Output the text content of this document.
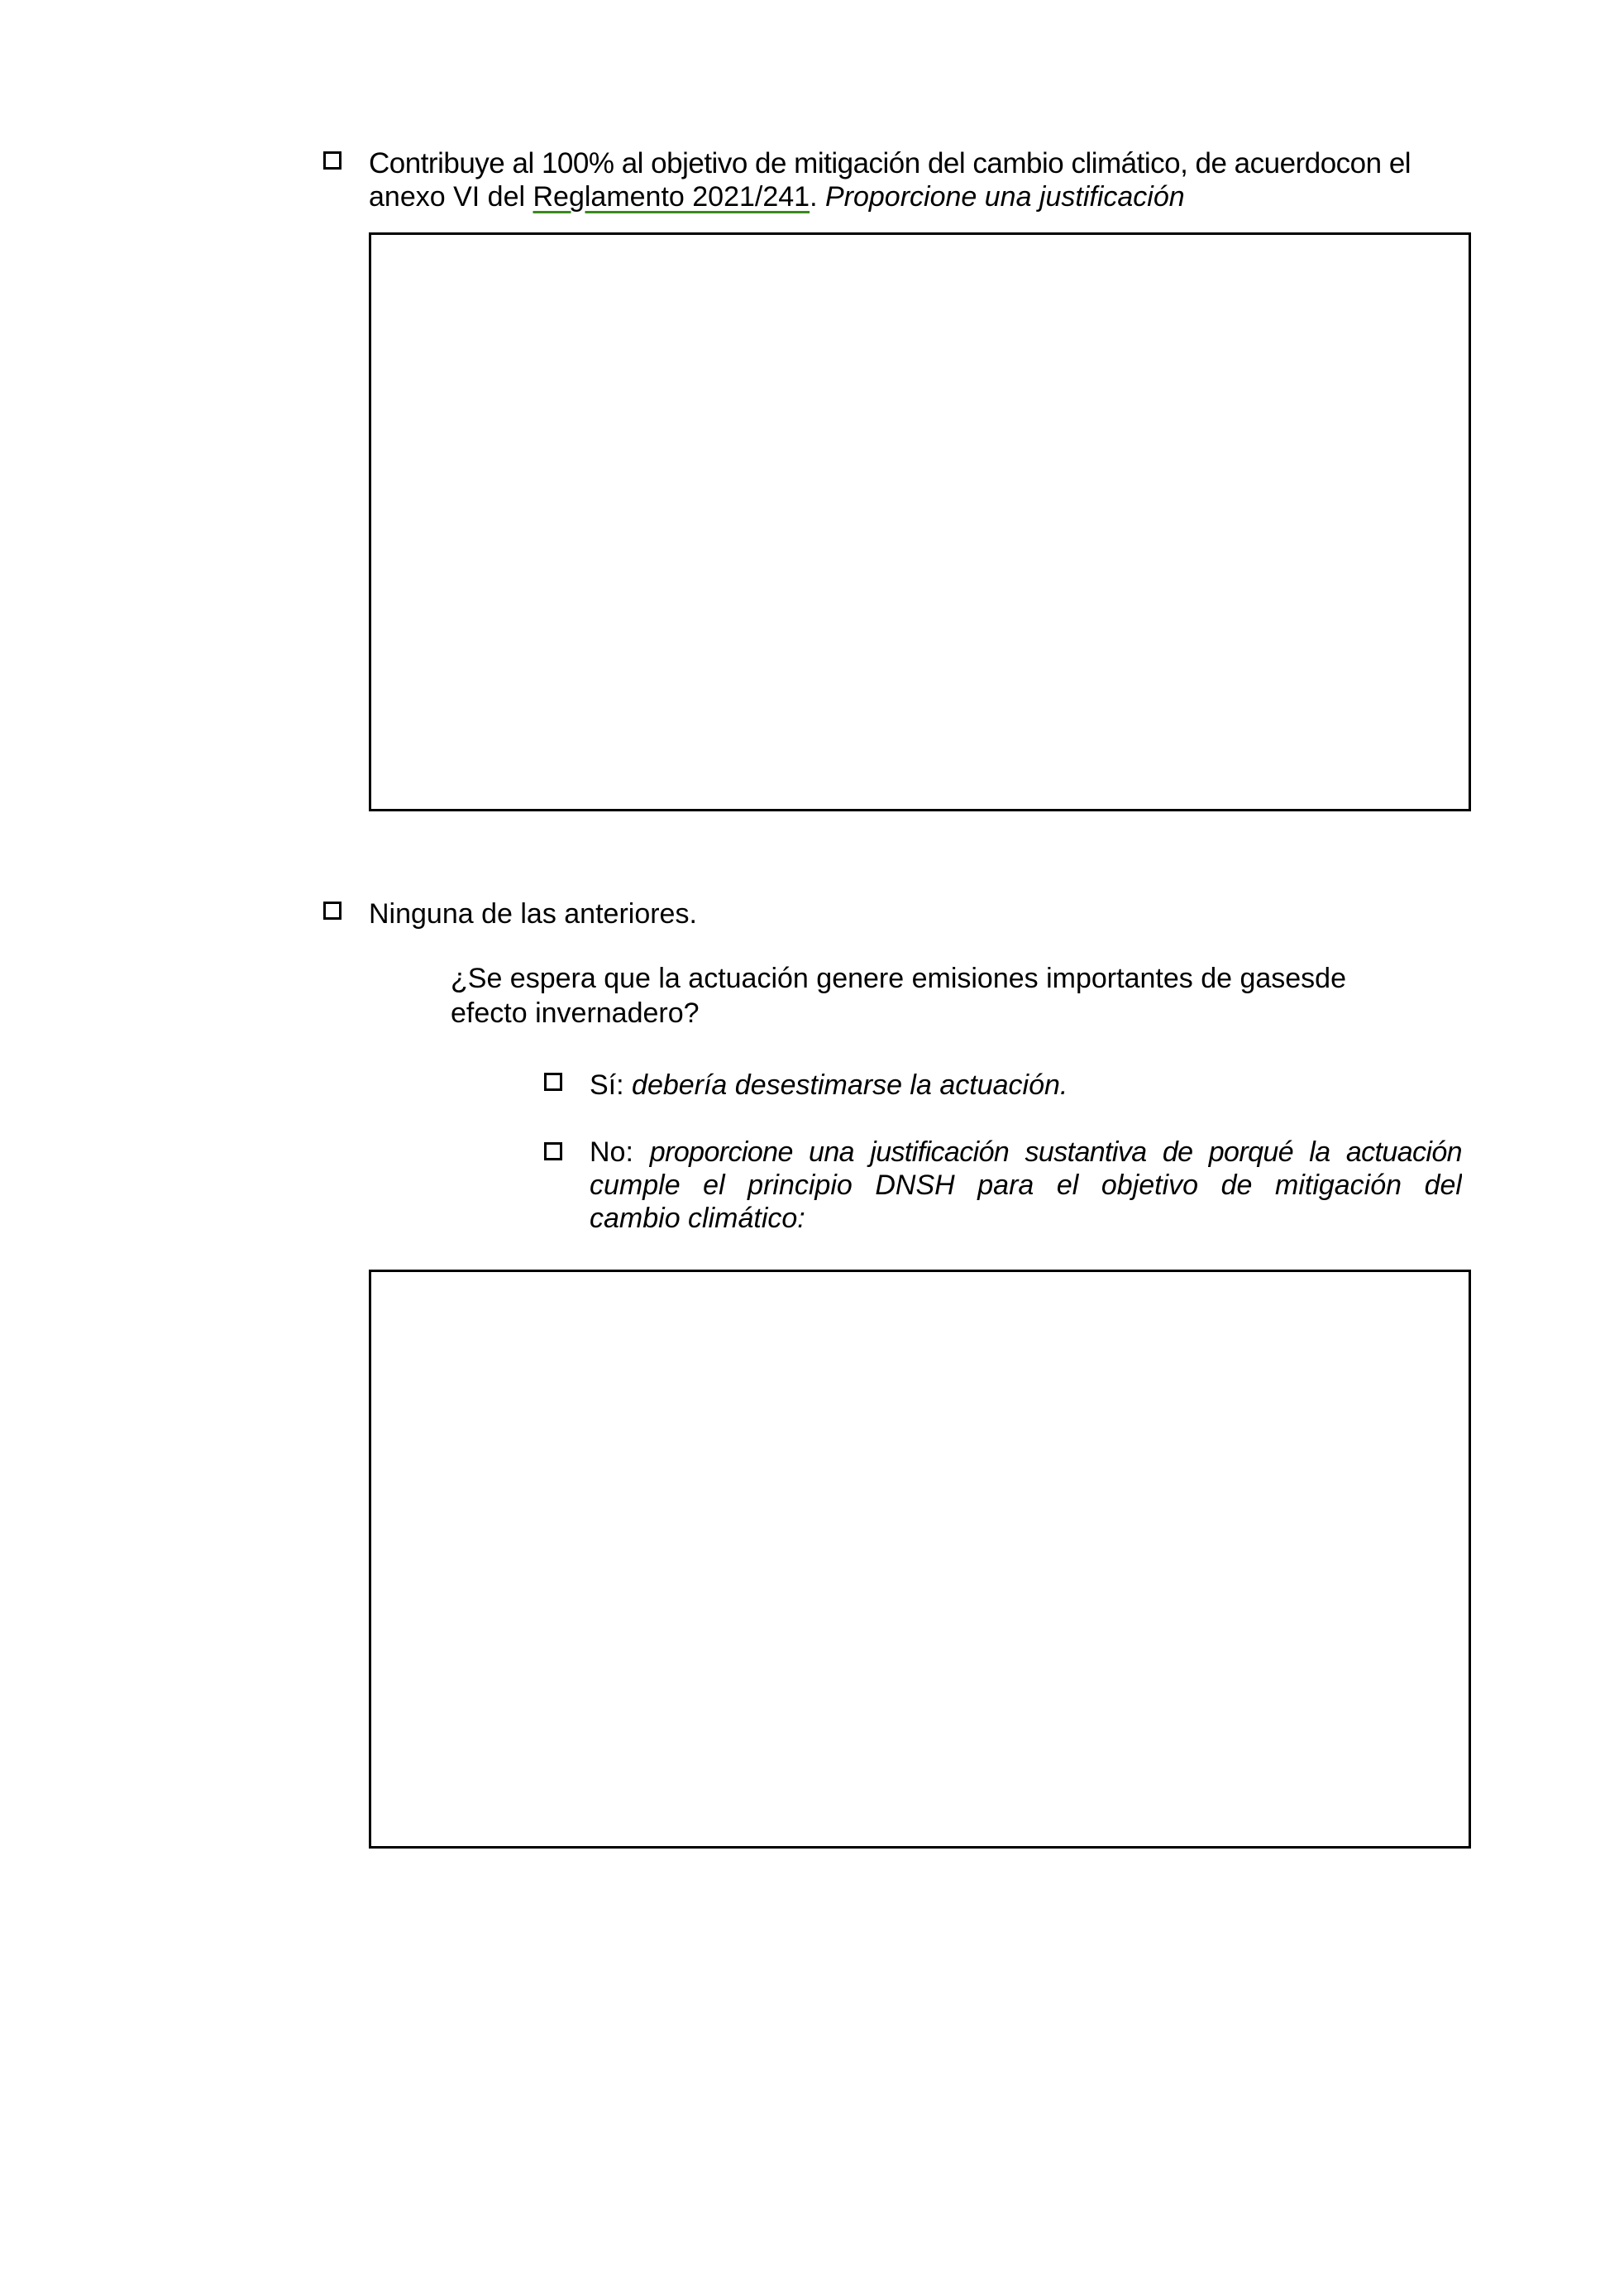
Contribuye al 100% al objetivo de mitigación del cambio climático, de acuerdocon el
anexo VI del Reglamento 2021/241. Proporcione una justificación
Ninguna de las anteriores.
¿Se espera que la actuación genere emisiones importantes de gasesde
efecto invernadero?
Sí: debería desestimarse la actuación.
No: proporcione una justificación sustantiva de porqué la actuación
cumple el principio DNSH para el objetivo de mitigación del
cambio climático:
